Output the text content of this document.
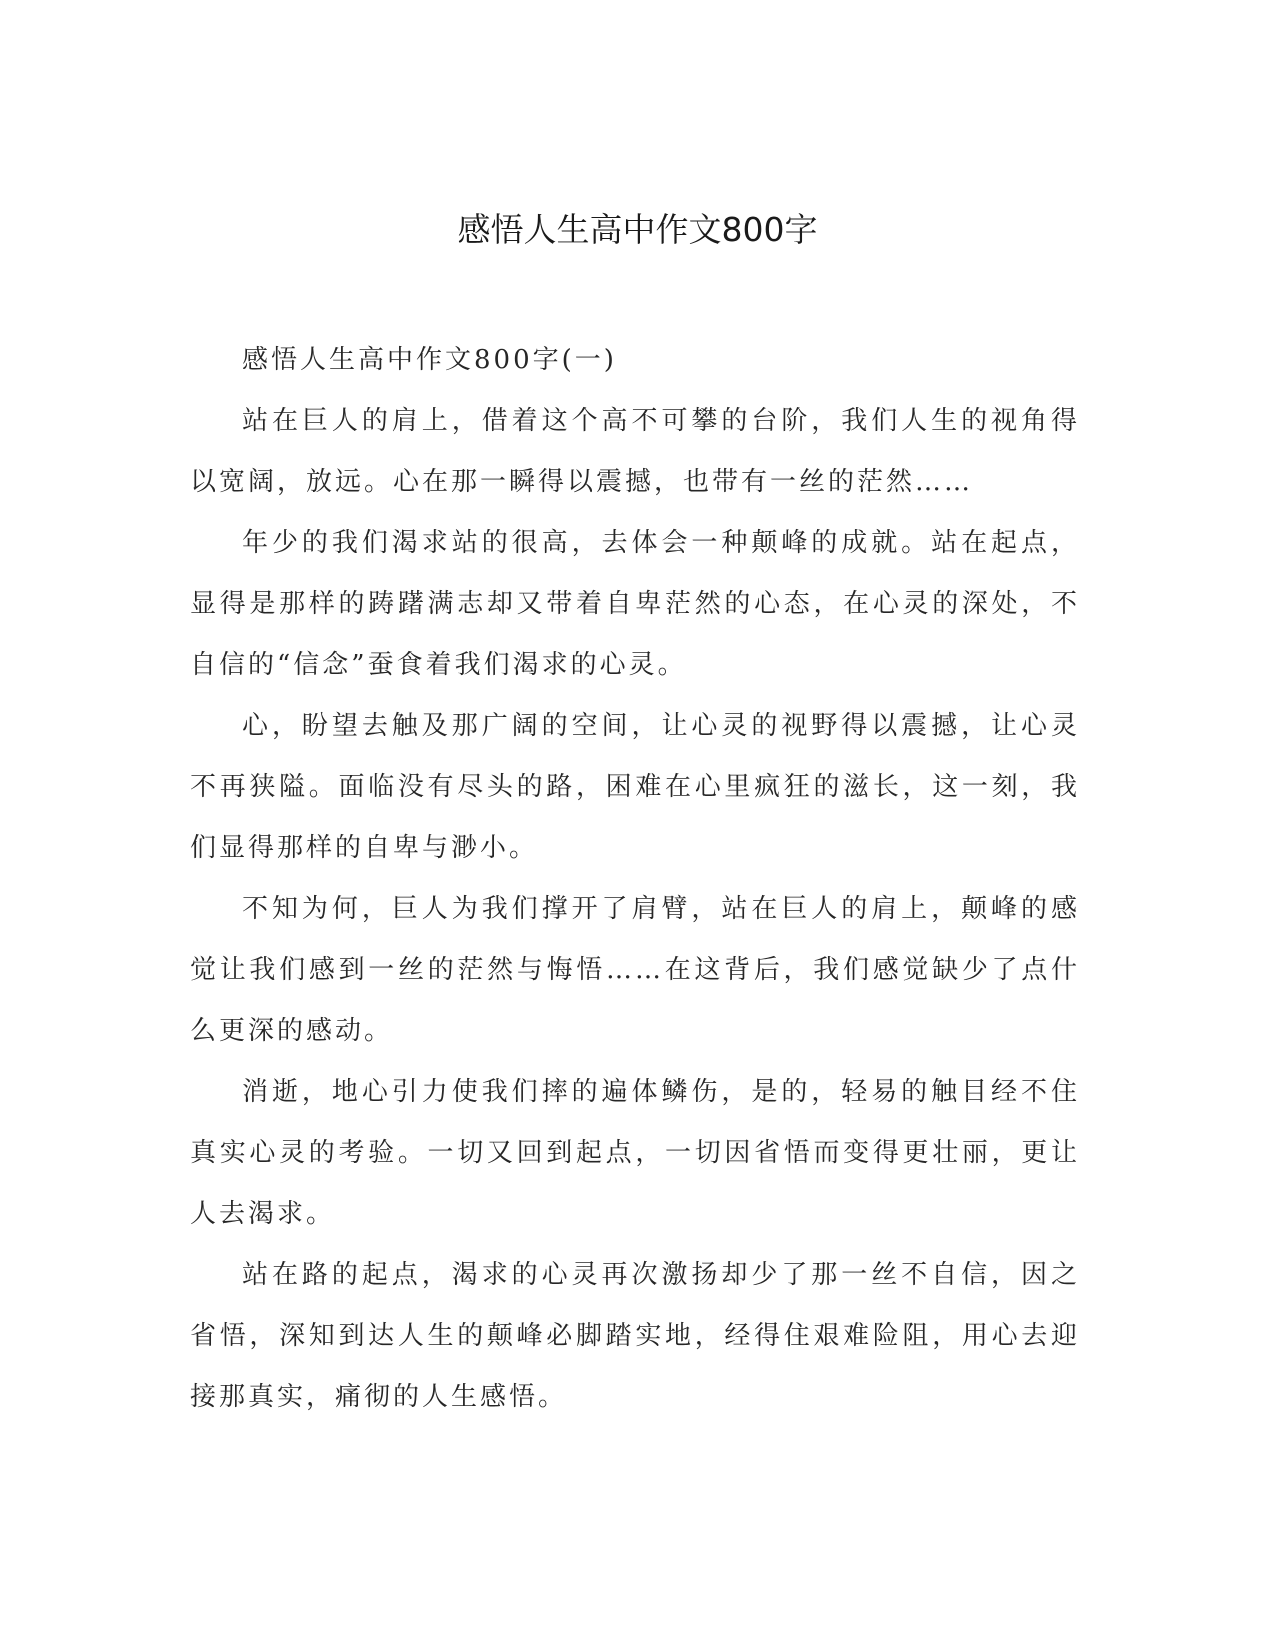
感悟人生高中作文800字

感悟人生高中作文800字(一)

站在巨人的肩上，借着这个高不可攀的台阶，我们人生的视角得以宽阔，放远。心在那一瞬得以震撼，也带有一丝的茫然……

年少的我们渴求站的很高，去体会一种颠峰的成就。站在起点，显得是那样的踌躇满志却又带着自卑茫然的心态，在心灵的深处，不自信的“信念”蚕食着我们渴求的心灵。

心，盼望去触及那广阔的空间，让心灵的视野得以震撼，让心灵不再狭隘。面临没有尽头的路，困难在心里疯狂的滋长，这一刻，我们显得那样的自卑与渺小。

不知为何，巨人为我们撑开了肩臂，站在巨人的肩上，颠峰的感觉让我们感到一丝的茫然与悔悟……在这背后，我们感觉缺少了点什么更深的感动。

消逝，地心引力使我们摔的遍体鳞伤，是的，轻易的触目经不住真实心灵的考验。一切又回到起点，一切因省悟而变得更壮丽，更让人去渴求。

站在路的起点，渴求的心灵再次激扬却少了那一丝不自信，因之省悟，深知到达人生的颠峰必脚踏实地，经得住艰难险阻，用心去迎接那真实，痛彻的人生感悟。
